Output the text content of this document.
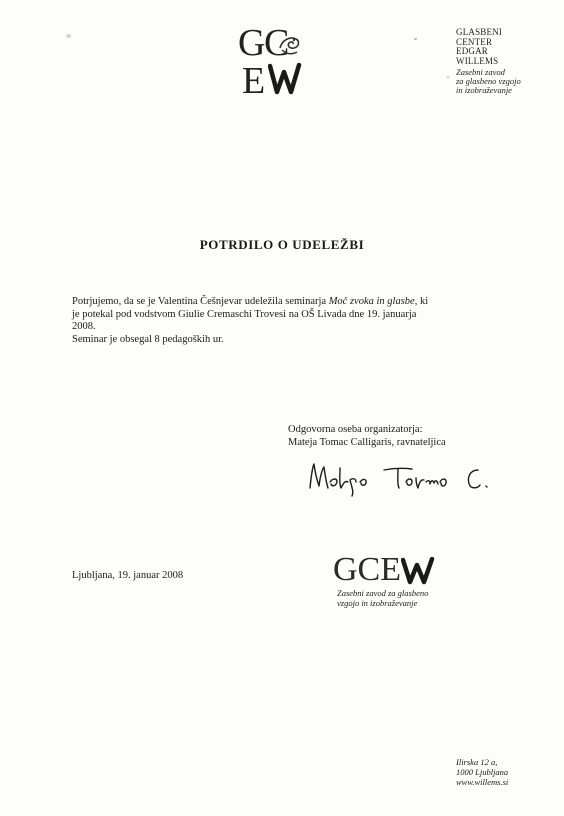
G
C
E

GLASBENI

CENTER

EDGAR

WILLEMS

Zasebni zavod
za glasbeno vzgojo
in izobraževanje
POTRDILO O UDELEŽBI

Potrjujemo, da se je Valentina Češnjevar udeležila seminarja Moč zvoka in glasbe, ki

je potekal pod vodstvom Giulie Cremaschi Trovesi na OŠ Livada dne 19. januarja

2008.

Seminar je obsegal 8 pedagoških ur.

Odgovorna oseba organizatorja:

Mateja Tomac Calligaris, ravnateljica

Ljubljana, 19. januar 2008	GCE
Zasebni zavod za glasbeno
vzgojo in izobraževanje

Ilirska 12 a,

1000 Ljubljana

www.willems.si
